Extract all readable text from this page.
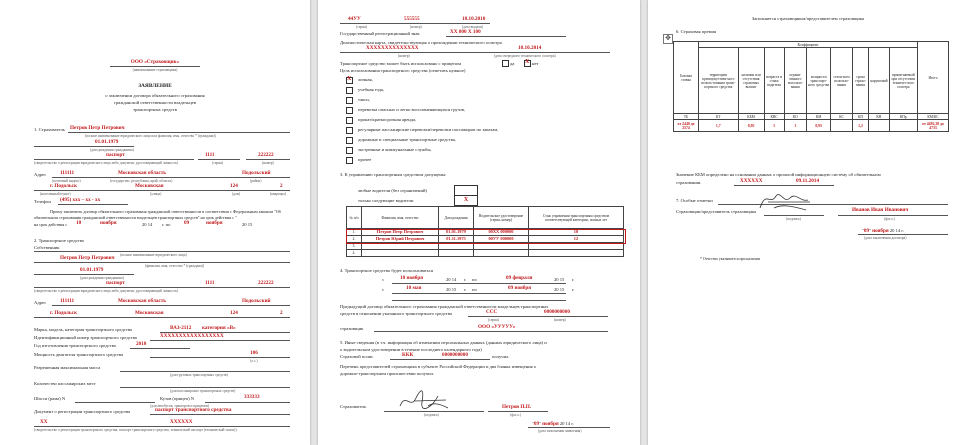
ООО «Страховщик»
(наименование страховщика)
ЗАЯВЛЕНИЕ
о заключении договора обязательного страхования
гражданской ответственности владельцев
транспортных средств
1. Страхователь Петров Петр Петрович
(полное наименование юридического лица или фамилия, имя, отчество * (граждана))
01.01.1979
(дата рождения гражданина)
паспорт	1111	222222
(свидетельство о регистрации юридического лица либо документ, удостоверяющий личность)	(серия)	(номер)
Адрес	111111	Московская область	Подольский
(почтовый индекс)	(государство, республика, край, область)	(район)
г. Подольск	Московская	124	2
(населенный пункт)	(улица)	(дом)	(квартира)
Телефон (495) ххх – хх - хх
Прошу заключить договор обязательного страхования гражданской ответственности в соответствии с Федеральным законом "Об
обязательном страховании гражданской ответственности владельцев транспортных средств" на срок действия с "
на срок действия с 10	ноября	20 14 г. по	09	ноября	20 15
2. Транспортное средство
Собственник
(полное наименование юридического лица)
Петров Петр Петрович
(фамилия, имя, отчество * (граждана))
01.01.1979
(дата рождения гражданина)
паспорт	1111	222222
(свидетельство о регистрации юридического лица либо документ, удостоверяющий личность)
Адрес	111111	Московская область	Подольский
г. Подольск	Московская	124	2
Марка, модель, категория транспортного средства	ВАЗ-2112 категория «В»
Идентификационный номер транспортного средства	ХХХХХХХХХХХХХХХХХ
Год изготовления транспортного средства	2010
Мощность двигателя транспортного средства	106
(л.с.)
Разрешенная максимальная масса
(для грузовых транспортных средств)
Количество пассажирских мест
(для пассажирских транспортных средств)
Шасси (рама) N	Кузов (прицеп) N	333333
(для автобусов, тракторов и прицепов)
Документ о регистрации транспортного средства	паспорт транспортного средства
ХХ	ХХХХХХ
(свидетельство о регистрации транспортного средства, паспорт транспортного средства, технический паспорт (технический талон))
44УУ	555555	10.10.2010
(серия)	(номер)	(дата выдачи)
Государственный регистрационный знак	ХХ 000 Х 100
Диагностическая карта, свидетельствующая о прохождении технического осмотра
XXXXXXXXXXXXXX	10.10.2014
(номер)	(дата очередного технического осмотра)
Транспортное средство может быть использовано с прицепом	да X нет
Цель использования транспортного средства (отметить нужное)
X личная,
учебная езда,
такси,
перевозка опасных и легко воспламеняющихся грузов,
прокат/краткосрочная аренда,
регулярные пассажирские перевозки/перевозки пассажиров по заказам,
дорожные и специальные транспортные средства,
экстренные и коммунальные службы,
прочее
3. К управлению транспортным средством допущены:
любые водители (без ограничений)
только следующие водители	X
№ п/п	Фамилия, имя, отчество	Дата рождения	Водительское удостоверение (серия, номер)	Стаж управления транспортным средством соответствующей категории, полных лет
1.	Петров Петр Петрович	01.01.1979	00ХХ 000000	10
2.	Петров Юрий Петрович	01.11.1975	00УУ 000000	12
3.				
4.				
4. Транспортное средство будет использоваться
с	10 ноября	20 14 г. по	09 февраля	20 15 г.
с	10 мая	20 15 г. по	09 ноября	20 15 г.
Предыдущий договор обязательного страхования гражданской ответственности владельцев транспортных
средств в отношении указанного транспортного средства	ССС	0000000000
(серия)	(номер)
страховщик	ООО «УУУУУ»
5. Иные сведения (в т.ч. информация об изменении персональных данных (данных юридического лица) и
о водительском удостоверении в течение последнего календарного года)
Страховой полис	ККК	0000000000	получил.
Перечень представителей страховщика в субъекте Российской Федерации и два бланка извещения о
дорожно-транспортном происшествии получил.
Страхователь	Петров П.П.
(подпись)	(ф.и.о.)
"09" ноября 20 14 г.
(дата заполнения заявления)
Заполняется страховщиком/представителем страховщика
6. Страховая премия
✥
Базовая ставка	Коэффициент									Итого
	территории преимуществен-ного исполь-зования транс-портного средства	наличия или отсутствия страховых выплат	возраста и стажа водителя	ограни-ченного использо-вания	мощности транспорт-ного средства	сезон-ного использо-вания	срока страхо-вания	нарушений	прими-няемый при отсутствии техничес-кого осмотра	
ТБ	КТ	КБМ	КВС	КО	КМ	КС	КП	КН	КПр	КМ/КС
от 2440 до 2574	1,7	0,95	1	1	0,95		1,2			от 4492,28 до 4733
Значение КБМ определено на основании данных о прошлой информационную систему об обязательном
страховании.	XXXXXX	09.11.2014
7. Особые отметки
Страховщик/представитель страховщика	Иванов Иван Иванович
(подпись)	(ф.и.о.)
"09" ноября 20 14 г.
(дата заключения договора)
* Отчество указывается при наличии
